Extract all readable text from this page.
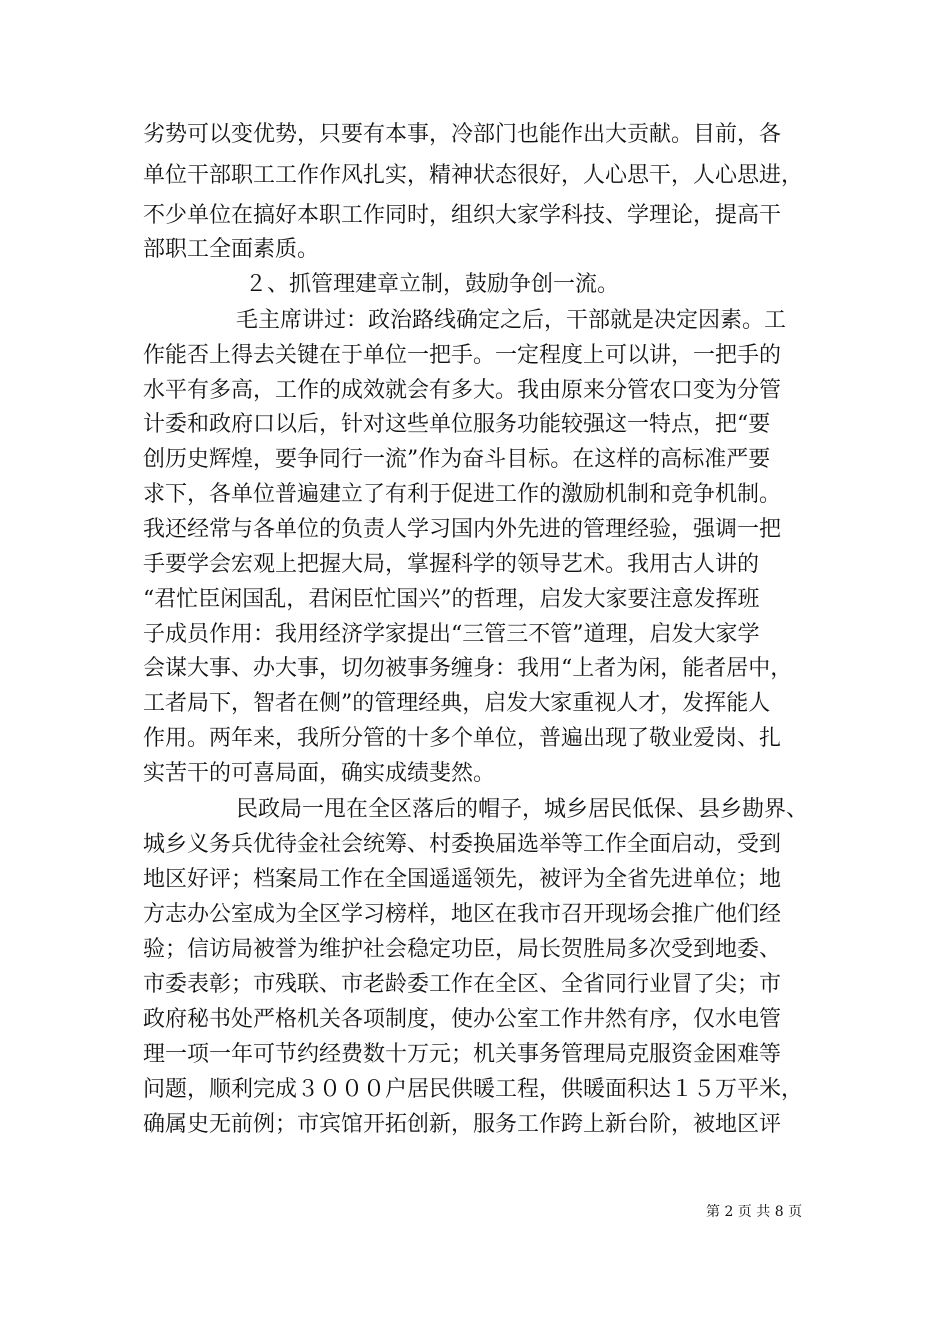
劣势可以变优势，只要有本事，冷部门也能作出大贡献。目前，各
单位干部职工工作作风扎实，精神状态很好，人心思干，人心思进，
不少单位在搞好本职工作同时，组织大家学科技、学理论，提高干
部职工全面素质。
２、抓管理建章立制，鼓励争创一流。
毛主席讲过：政治路线确定之后，干部就是决定因素。工
作能否上得去关键在于单位一把手。一定程度上可以讲，一把手的
水平有多高，工作的成效就会有多大。我由原来分管农口变为分管
计委和政府口以后，针对这些单位服务功能较强这一特点，把“要
创历史辉煌，要争同行一流”作为奋斗目标。在这样的高标准严要
求下，各单位普遍建立了有利于促进工作的激励机制和竞争机制。
我还经常与各单位的负责人学习国内外先进的管理经验，强调一把
手要学会宏观上把握大局，掌握科学的领导艺术。我用古人讲的
“君忙臣闲国乱，君闲臣忙国兴”的哲理，启发大家要注意发挥班
子成员作用：我用经济学家提出“三管三不管”道理，启发大家学
会谋大事、办大事，切勿被事务缠身：我用“上者为闲，能者居中，
工者局下，智者在侧”的管理经典，启发大家重视人才，发挥能人
作用。两年来，我所分管的十多个单位，普遍出现了敬业爱岗、扎
实苦干的可喜局面，确实成绩斐然。
民政局一甩在全区落后的帽子，城乡居民低保、县乡勘界、
城乡义务兵优待金社会统筹、村委换届选举等工作全面启动，受到
地区好评；档案局工作在全国遥遥领先，被评为全省先进单位；地
方志办公室成为全区学习榜样，地区在我市召开现场会推广他们经
验；信访局被誉为维护社会稳定功臣，局长贺胜局多次受到地委、
市委表彰；市残联、市老龄委工作在全区、全省同行业冒了尖；市
政府秘书处严格机关各项制度，使办公室工作井然有序，仅水电管
理一项一年可节约经费数十万元；机关事务管理局克服资金困难等
问题，顺利完成３０００户居民供暖工程，供暖面积达１５万平米，
确属史无前例；市宾馆开拓创新，服务工作跨上新台阶，被地区评
第 2 页 共 8 页
